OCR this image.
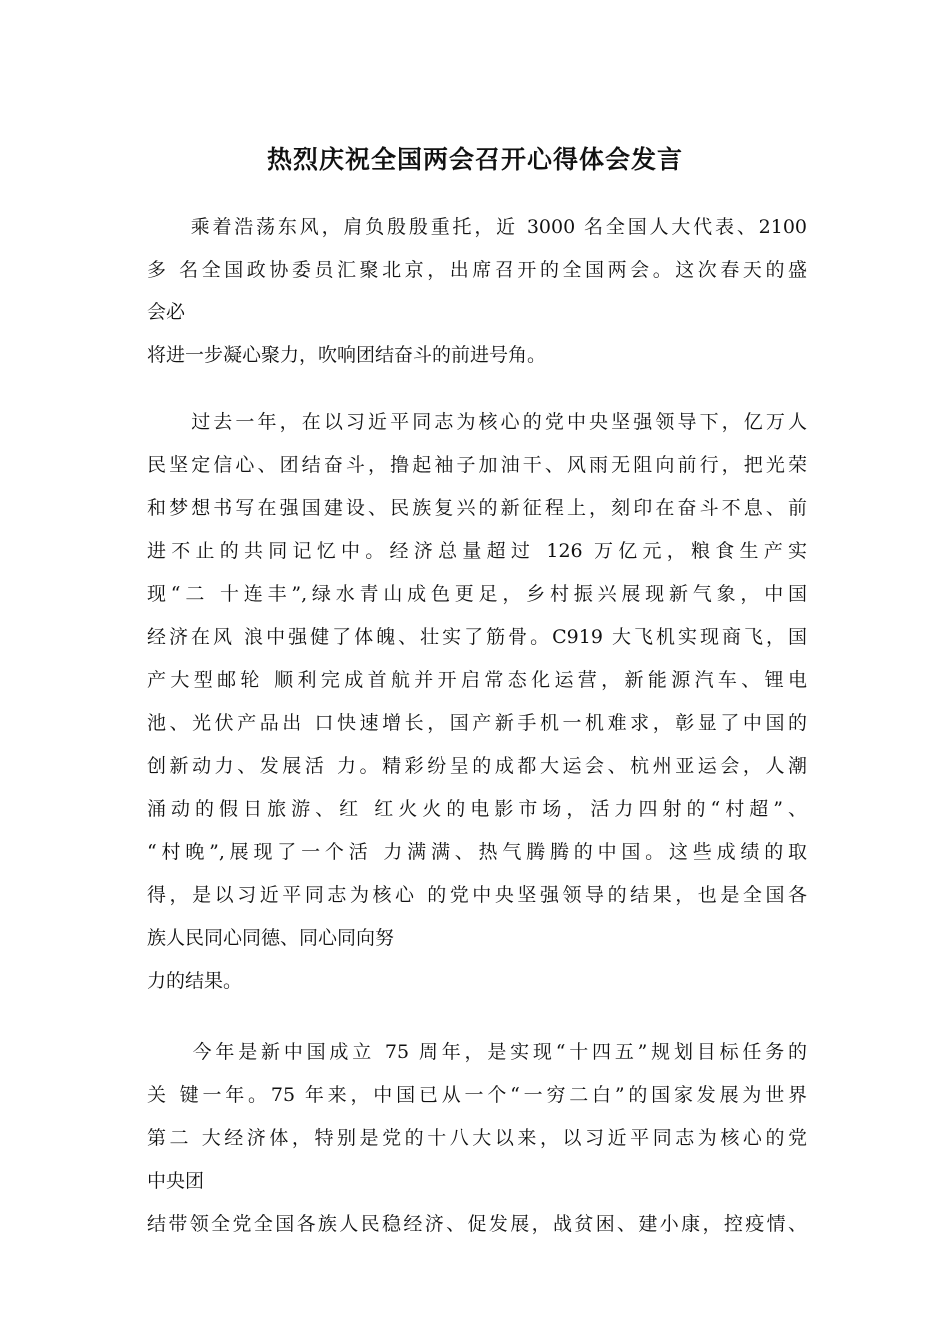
热烈庆祝全国两会召开心得体会发言
　　乘着浩荡东风，肩负殷殷重托，近 3000 名全国人大代表、2100
多 名全国政协委员汇聚北京，出席召开的全国两会。这次春天的盛
会必
将进一步凝心聚力，吹响团结奋斗的前进号角。
　　过去一年，在以习近平同志为核心的党中央坚强领导下，亿万人
民坚定信心、团结奋斗，撸起袖子加油干、风雨无阻向前行，把光荣
和梦想书写在强国建设、民族复兴的新征程上，刻印在奋斗不息、前
进不止的共同记忆中。经济总量超过 126 万亿元，粮食生产实
现“二 十连丰”,绿水青山成色更足，乡村振兴展现新气象，中国
经济在风 浪中强健了体魄、壮实了筋骨。C919 大飞机实现商飞，国
产大型邮轮 顺利完成首航并开启常态化运营，新能源汽车、锂电
池、光伏产品出 口快速增长，国产新手机一机难求，彰显了中国的
创新动力、发展活 力。精彩纷呈的成都大运会、杭州亚运会，人潮
涌动的假日旅游、红 红火火的电影市场，活力四射的“村超”、
“村晚”,展现了一个活 力满满、热气腾腾的中国。这些成绩的取
得，是以习近平同志为核心 的党中央坚强领导的结果，也是全国各
族人民同心同德、同心同向努
力的结果。
　　今年是新中国成立 75 周年，是实现“十四五”规划目标任务的
关 键一年。75 年来，中国已从一个“一穷二白”的国家发展为世界
第二 大经济体，特别是党的十八大以来，以习近平同志为核心的党
中央团
结带领全党全国各族人民稳经济、促发展，战贫困、建小康，控疫情、
